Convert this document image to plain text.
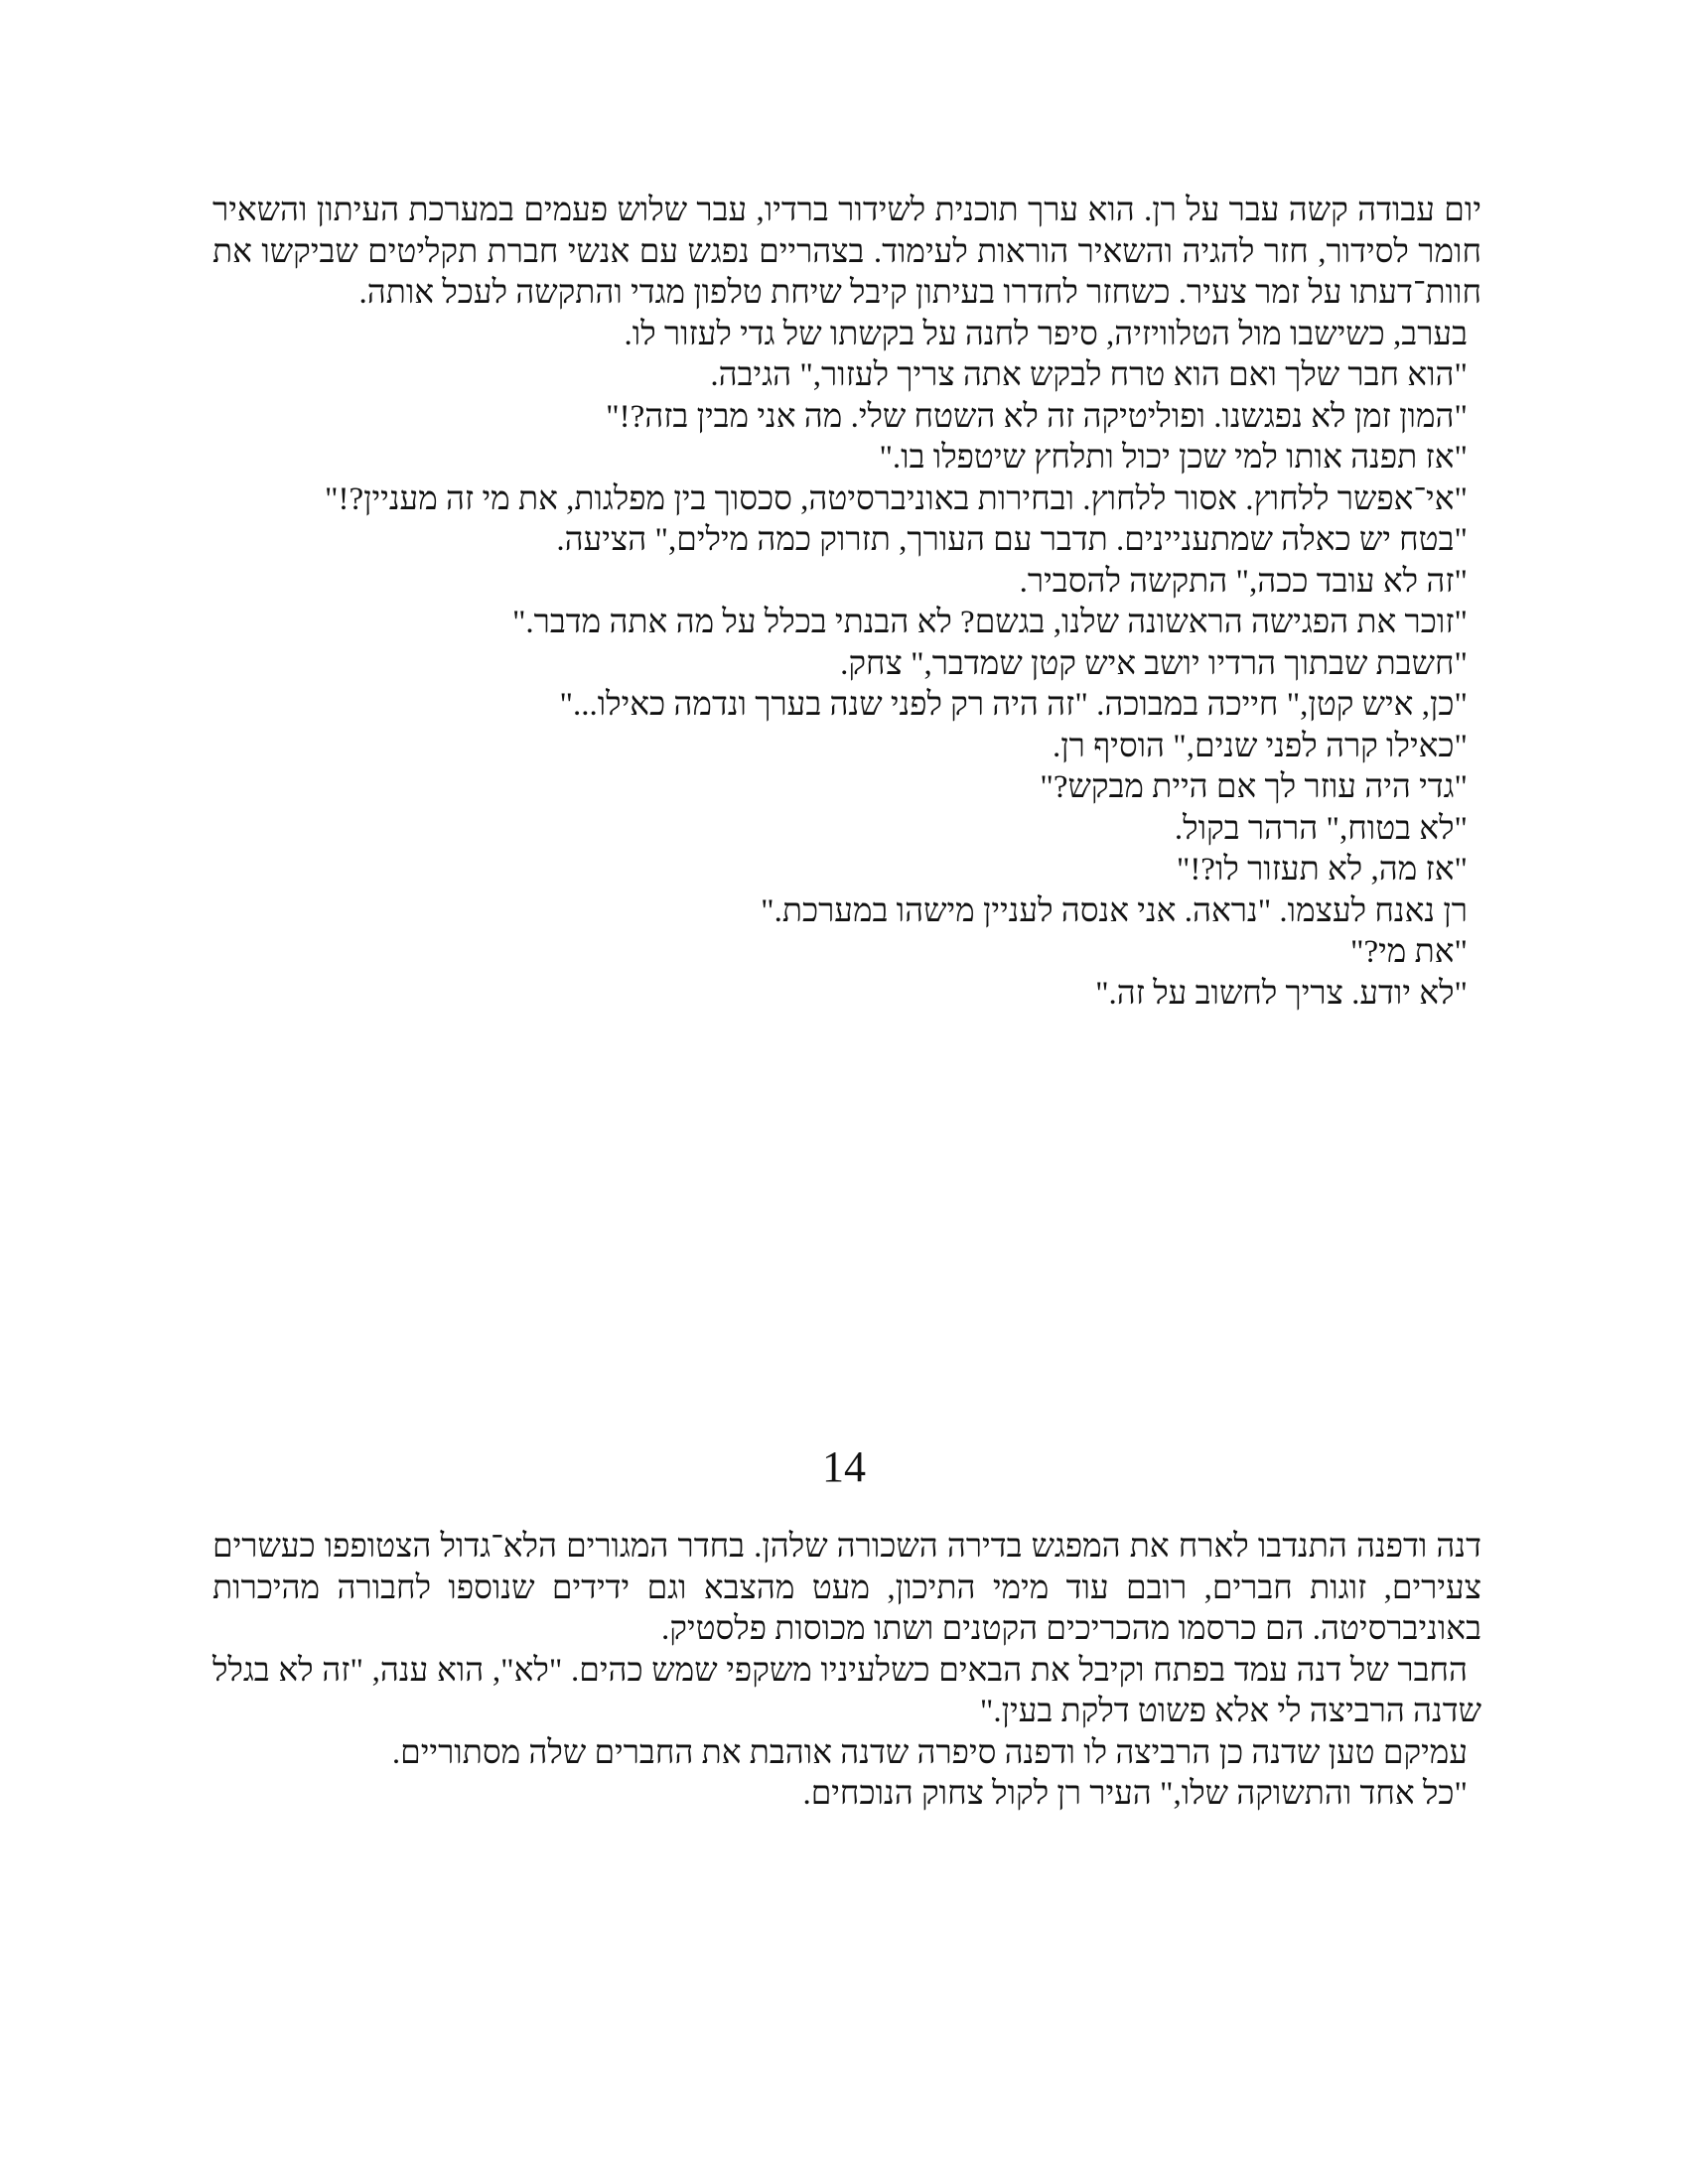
יום עבודה קשה עבר על רן. הוא ערך תוכנית לשידור ברדיו, עבר שלוש פעמים במערכת העיתון והשאיר חומר לסידור, חזר להגיה והשאיר הוראות לעימוד. בצהריים נפגש עם אנשי חברת תקליטים שביקשו את חוות־דעתו על זמר צעיר. כשחזר לחדרו בעיתון קיבל שיחת טלפון מגדי והתקשה לעכל אותה.

בערב, כשישבו מול הטלוויזיה, סיפר לחנה על בקשתו של גדי לעזור לו.

"הוא חבר שלך ואם הוא טרח לבקש אתה צריך לעזור," הגיבה.

"המון זמן לא נפגשנו. ופוליטיקה זה לא השטח שלי. מה אני מבין בזה?!"

"אז תפנה אותו למי שכן יכול ותלחץ שיטפלו בו."

"אי־אפשר ללחוץ. אסור ללחוץ. ובחירות באוניברסיטה, סכסוך בין מפלגות, את מי זה מעניין?!"

"בטח יש כאלה שמתעניינים. תדבר עם העורך, תזרוק כמה מילים," הציעה.

"זה לא עובד ככה," התקשה להסביר.

"זוכר את הפגישה הראשונה שלנו, בגשם? לא הבנתי בכלל על מה אתה מדבר."

"חשבת שבתוך הרדיו יושב איש קטן שמדבר," צחק.

"כן, איש קטן," חייכה במבוכה. "זה היה רק לפני שנה בערך ונדמה כאילו..."

"כאילו קרה לפני שנים," הוסיף רן.

"גדי היה עוזר לך אם היית מבקש?"

"לא בטוח," הרהר בקול.

"אז מה, לא תעזור לו?!"

רן נאנח לעצמו. "נראה. אני אנסה לעניין מישהו במערכת."

"את מי?"

"לא יודע. צריך לחשוב על זה."

14

דנה ודפנה התנדבו לארח את המפגש בדירה השכורה שלהן. בחדר המגורים הלא־גדול הצטופפו כעשרים צעירים, זוגות חברים, רובם עוד מימי התיכון, מעט מהצבא וגם ידידים שנוספו לחבורה מהיכרות באוניברסיטה. הם כרסמו מהכריכים הקטנים ושתו מכוסות פלסטיק.

החבר של דנה עמד בפתח וקיבל את הבאים כשלעיניו משקפי שמש כהים. "לא", הוא ענה, "זה לא בגלל שדנה הרביצה לי אלא פשוט דלקת בעין."

עמיקם טען שדנה כן הרביצה לו ודפנה סיפרה שדנה אוהבת את החברים שלה מסתוריים.

"כל אחד והתשוקה שלו," העיר רן לקול צחוק הנוכחים.
